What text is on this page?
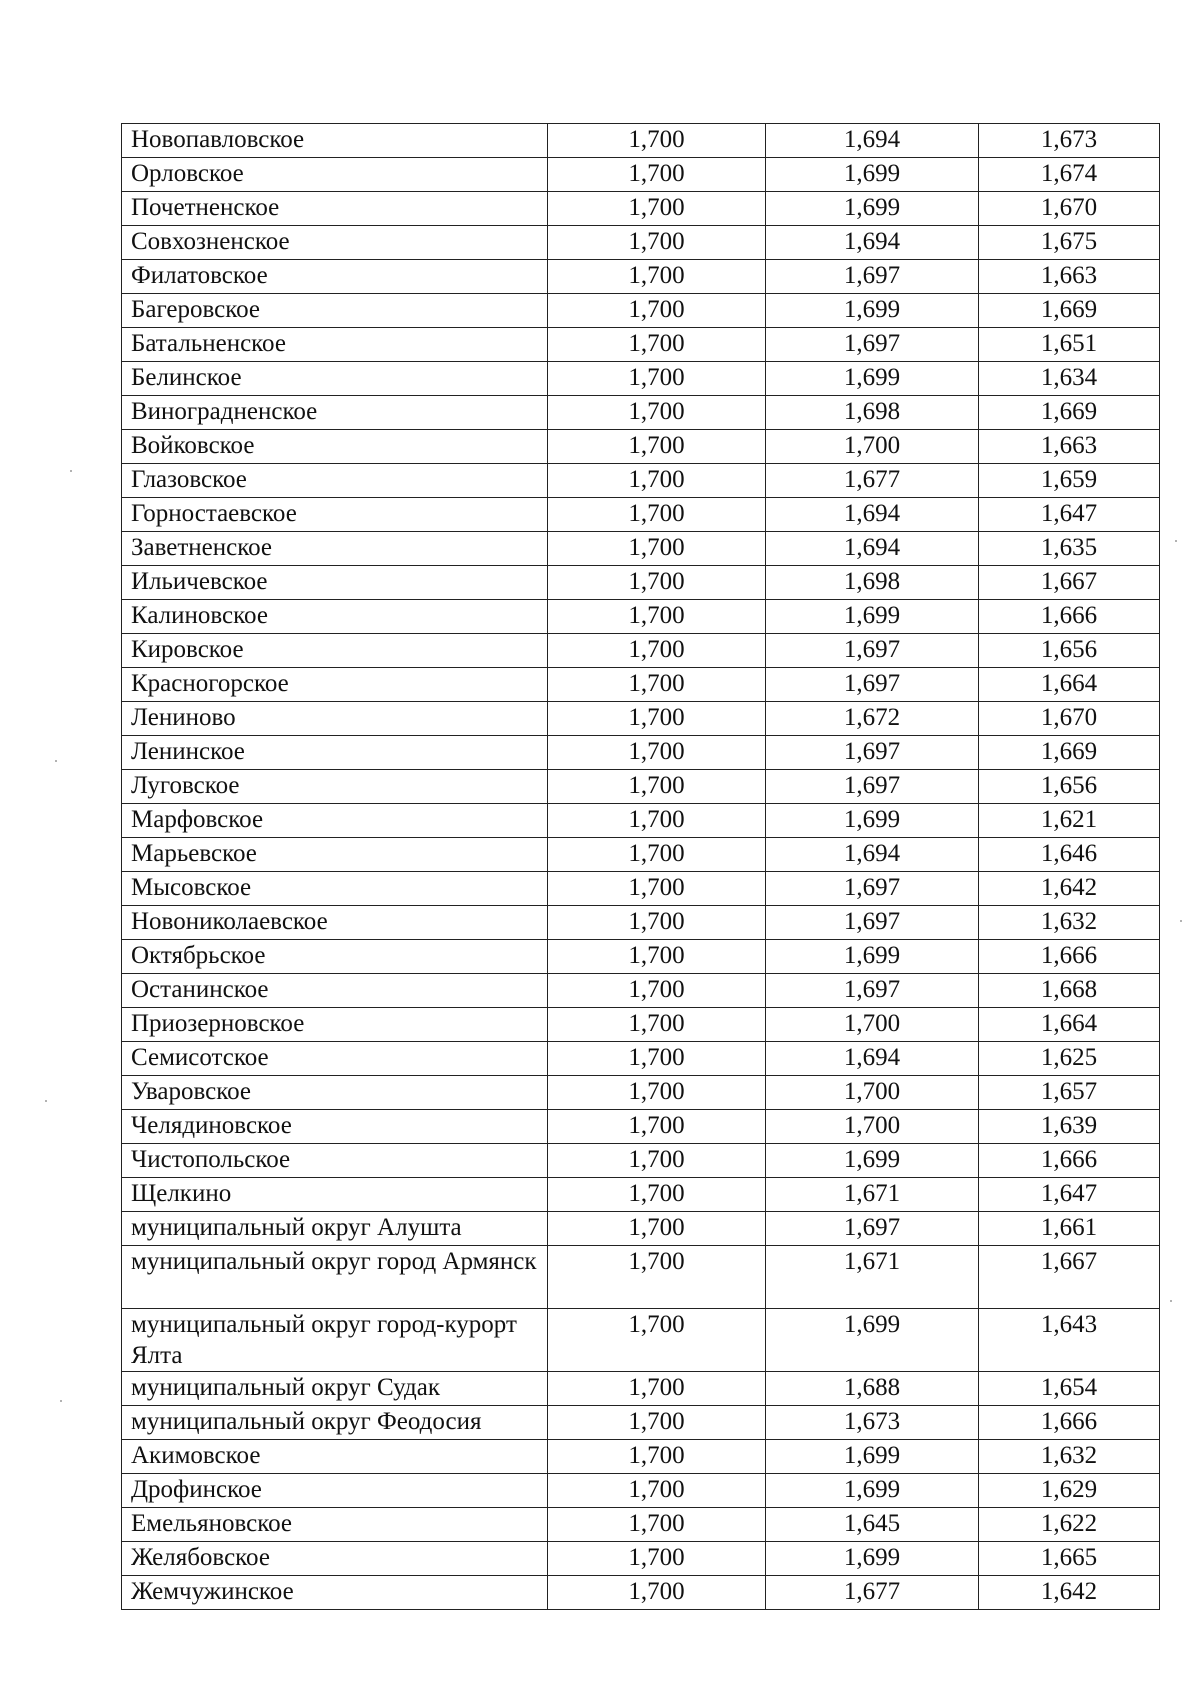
Новопавловское	1,700	1,694	1,673
Орловское	1,700	1,699	1,674
Почетненское	1,700	1,699	1,670
Совхозненское	1,700	1,694	1,675
Филатовское	1,700	1,697	1,663
Багеровское	1,700	1,699	1,669
Батальненское	1,700	1,697	1,651
Белинское	1,700	1,699	1,634
Виноградненское	1,700	1,698	1,669
Войковское	1,700	1,700	1,663
Глазовское	1,700	1,677	1,659
Горностаевское	1,700	1,694	1,647
Заветненское	1,700	1,694	1,635
Ильичевское	1,700	1,698	1,667
Калиновское	1,700	1,699	1,666
Кировское	1,700	1,697	1,656
Красногорское	1,700	1,697	1,664
Лениново	1,700	1,672	1,670
Ленинское	1,700	1,697	1,669
Луговское	1,700	1,697	1,656
Марфовское	1,700	1,699	1,621
Марьевское	1,700	1,694	1,646
Мысовское	1,700	1,697	1,642
Новониколаевское	1,700	1,697	1,632
Октябрьское	1,700	1,699	1,666
Останинское	1,700	1,697	1,668
Приозерновское	1,700	1,700	1,664
Семисотское	1,700	1,694	1,625
Уваровское	1,700	1,700	1,657
Челядиновское	1,700	1,700	1,639
Чистопольское	1,700	1,699	1,666
Щелкино	1,700	1,671	1,647
муниципальный округ Алушта	1,700	1,697	1,661
муниципальный округ город Армянск	1,700	1,671	1,667
муниципальный округ город-курорт Ялта	1,700	1,699	1,643
муниципальный округ Судак	1,700	1,688	1,654
муниципальный округ Феодосия	1,700	1,673	1,666
Акимовское	1,700	1,699	1,632
Дрофинское	1,700	1,699	1,629
Емельяновское	1,700	1,645	1,622
Желябовское	1,700	1,699	1,665
Жемчужинское	1,700	1,677	1,642
